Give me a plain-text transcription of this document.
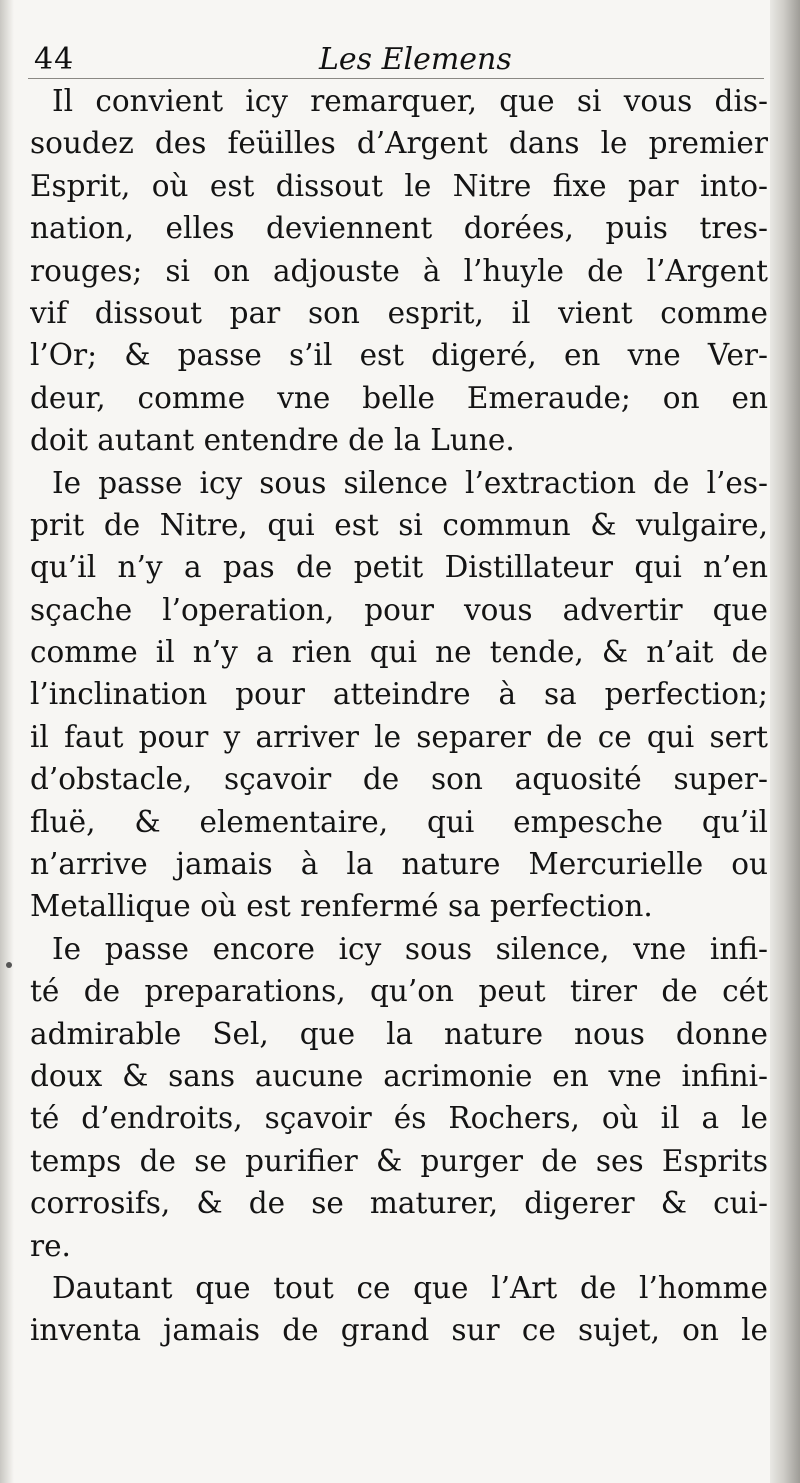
44	Les Elemens
Il convient icy remarquer, que si vous dis-
soudez des feüilles d’Argent dans le premier
Esprit, où est dissout le Nitre fixe par into-
nation, elles deviennent dorées, puis tres-
rouges; si on adjouste à l’huyle de l’Argent
vif dissout par son esprit, il vient comme
l’Or; & passe s’il est digeré, en vne Ver-
deur, comme vne belle Emeraude; on en
doit autant entendre de la Lune.
Ie passe icy sous silence l’extraction de l’es-
prit de Nitre, qui est si commun & vulgaire,
qu’il n’y a pas de petit Distillateur qui n’en
sçache l’operation, pour vous advertir que
comme il n’y a rien qui ne tende, & n’ait de
l’inclination pour atteindre à sa perfection;
il faut pour y arriver le separer de ce qui sert
d’obstacle, sçavoir de son aquosité super-
fluë, & elementaire, qui empesche qu’il
n’arrive jamais à la nature Mercurielle ou
Metallique où est renfermé sa perfection.
Ie passe encore icy sous silence, vne infi-
té de preparations, qu’on peut tirer de cét
admirable Sel, que la nature nous donne
doux & sans aucune acrimonie en vne infini-
té d’endroits, sçavoir és Rochers, où il a le
temps de se purifier & purger de ses Esprits
corrosifs, & de se maturer, digerer & cui-
re.
Dautant que tout ce que l’Art de l’homme
inventa jamais de grand sur ce sujet, on le
